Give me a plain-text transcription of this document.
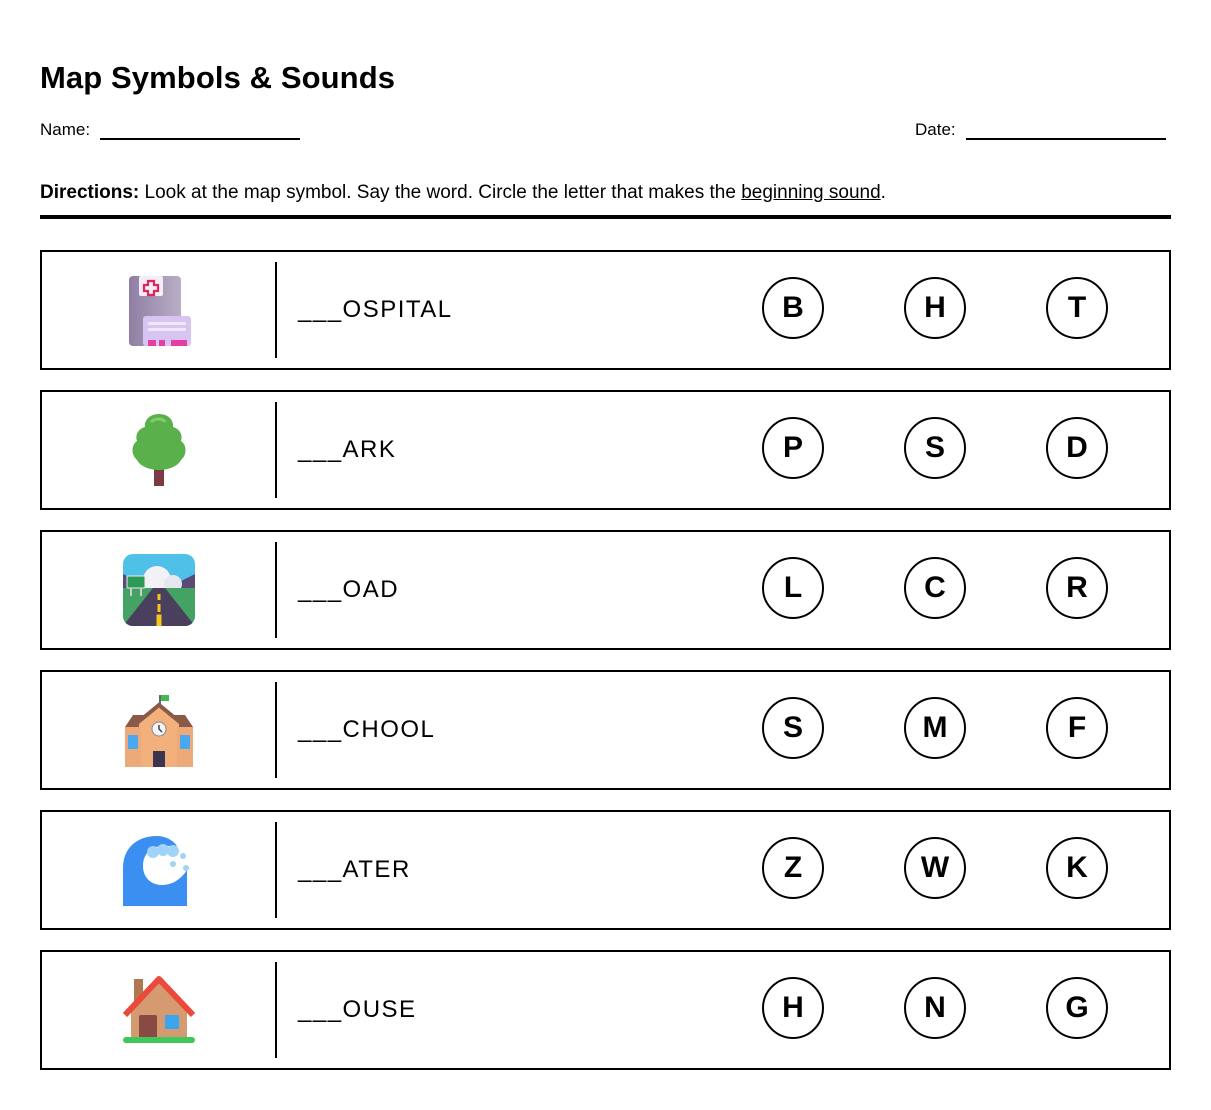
Map Symbols & Sounds
Name:	Date:
Directions: Look at the map symbol. Say the word. Circle the letter that makes the beginning sound.
___OSPITAL	B	H	T
___ARK	P	S	D
___OAD	L	C	R
___CHOOL	S	M	F
___ATER	Z	W	K
___OUSE	H	N	G
